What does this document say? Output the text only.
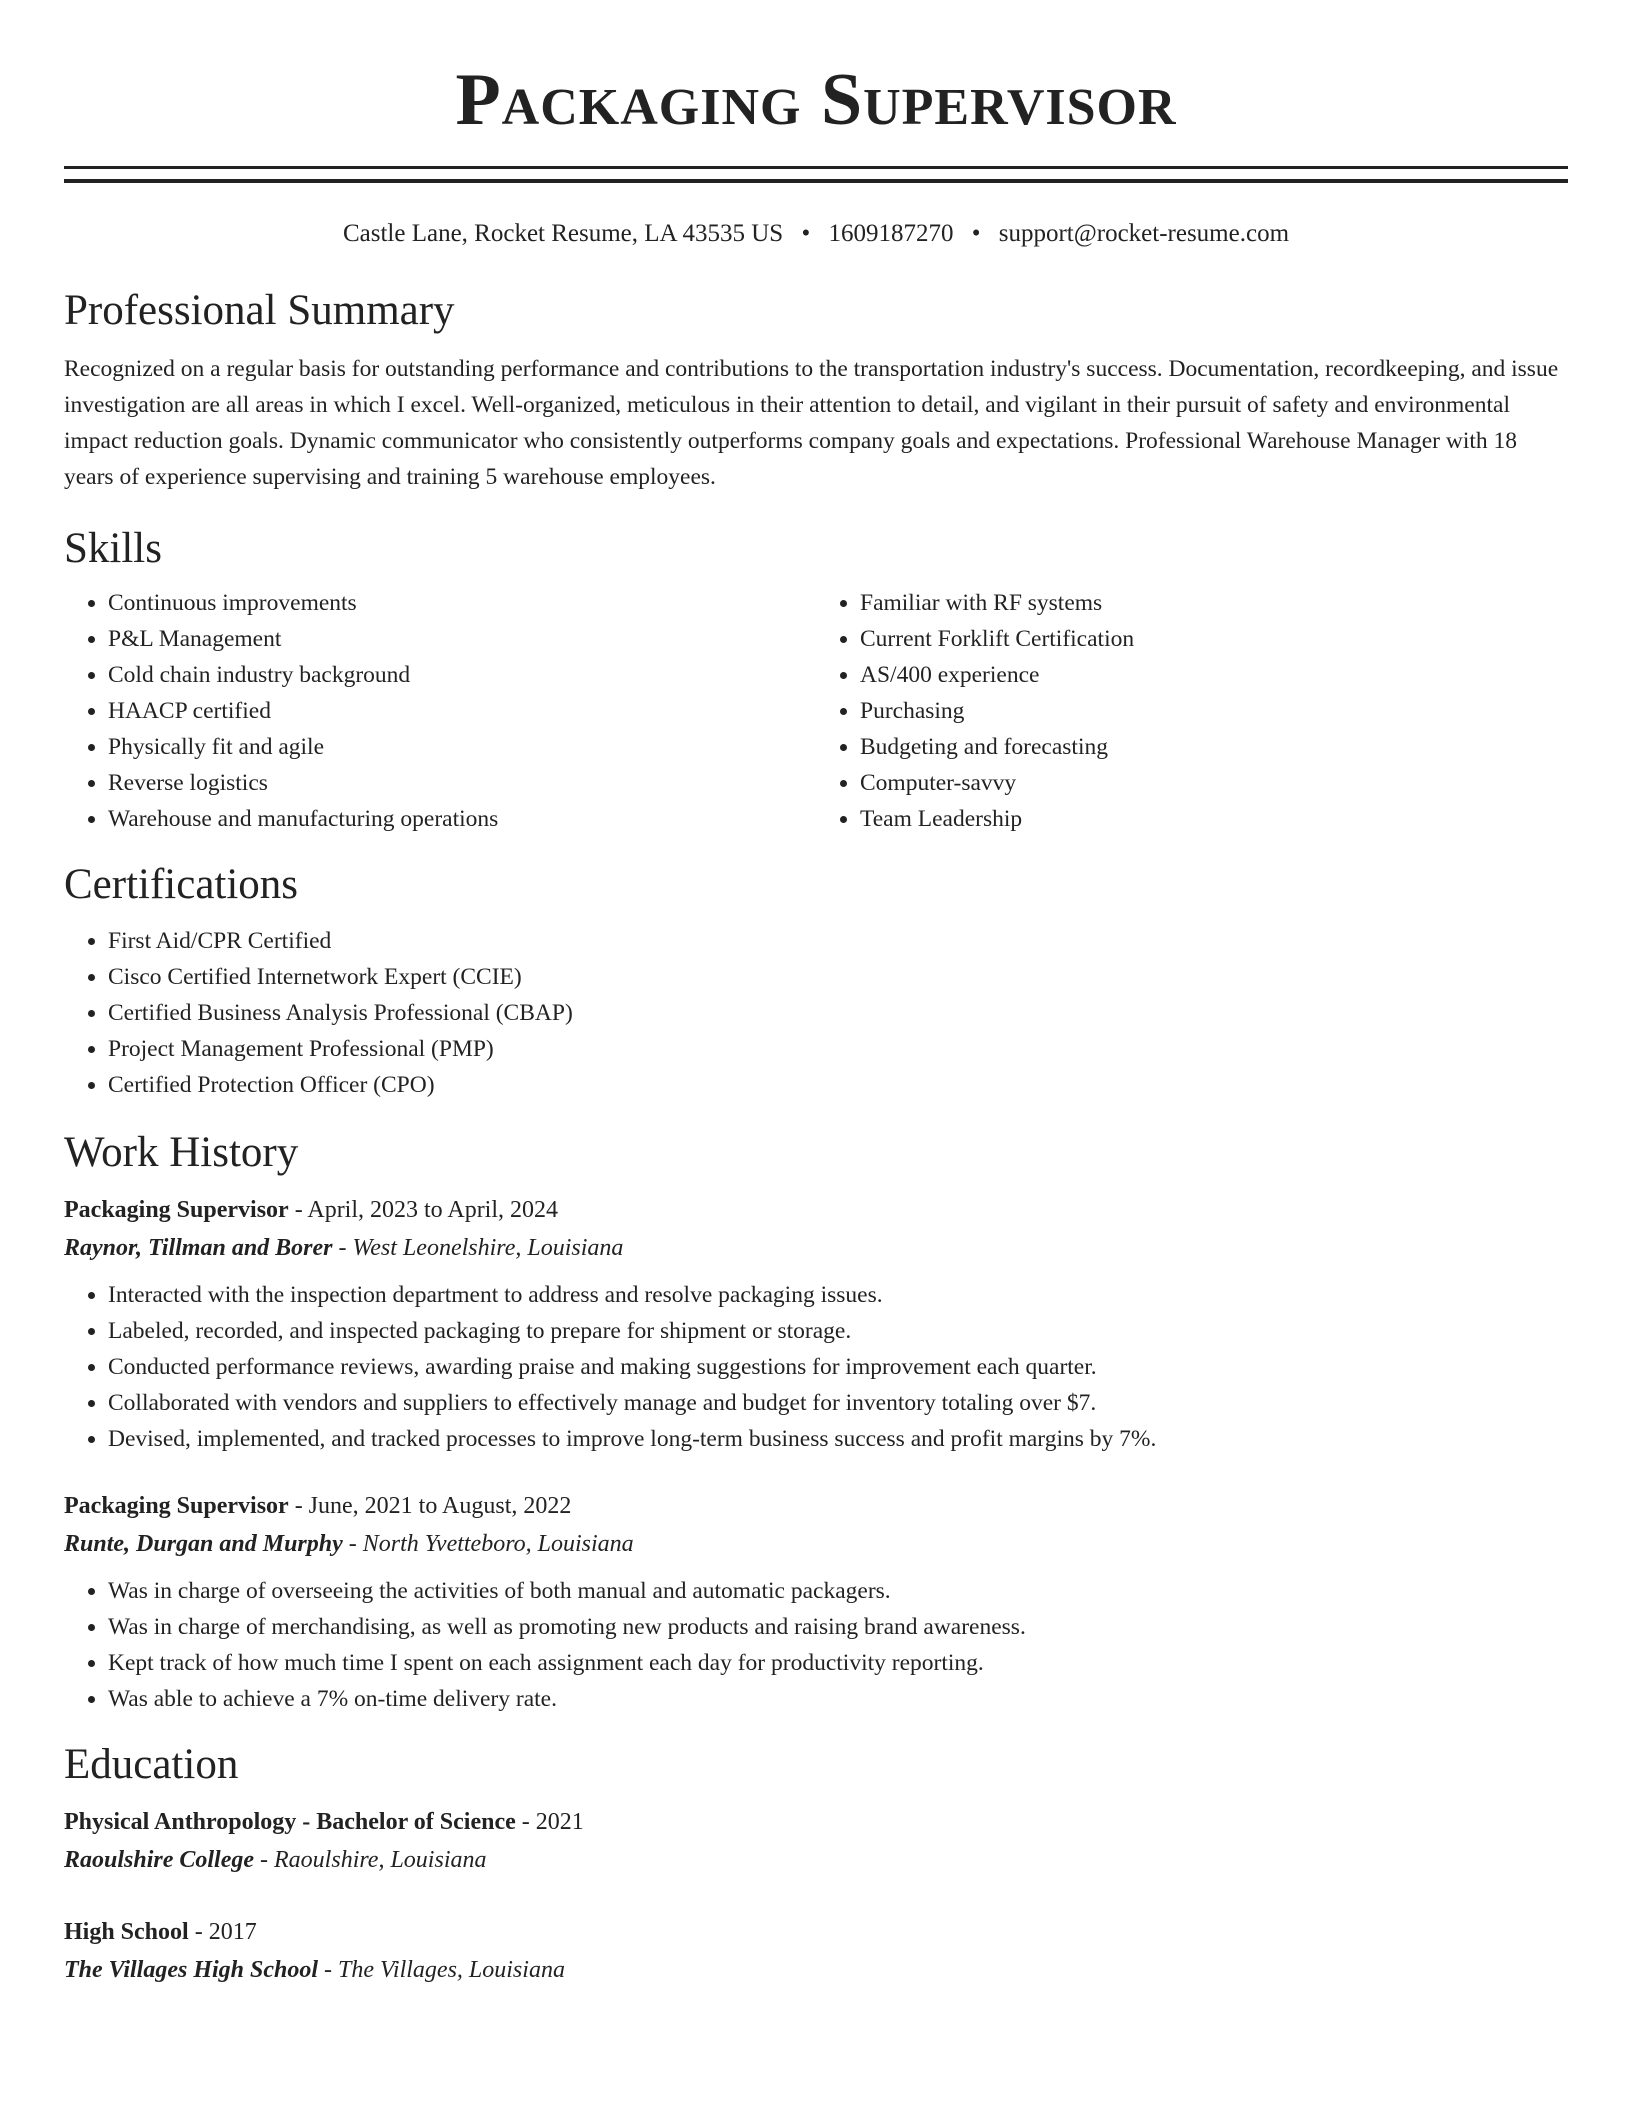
Packaging Supervisor
Castle Lane, Rocket Resume, LA 43535 US • 1609187270 • support@rocket-resume.com
Professional Summary

Recognized on a regular basis for outstanding performance and contributions to the transportation industry's success. Documentation, recordkeeping, and issue investigation are all areas in which I excel. Well-organized, meticulous in their attention to detail, and vigilant in their pursuit of safety and environmental impact reduction goals. Dynamic communicator who consistently outperforms company goals and expectations. Professional Warehouse Manager with 18 years of experience supervising and training 5 warehouse employees.

Skills
• Continuous improvements
• P&L Management
• Cold chain industry background
• HAACP certified
• Physically fit and agile
• Reverse logistics
• Warehouse and manufacturing operations
• Familiar with RF systems
• Current Forklift Certification
• AS/400 experience
• Purchasing
• Budgeting and forecasting
• Computer-savvy
• Team Leadership
Certifications
• First Aid/CPR Certified
• Cisco Certified Internetwork Expert (CCIE)
• Certified Business Analysis Professional (CBAP)
• Project Management Professional (PMP)
• Certified Protection Officer (CPO)
Work History
Packaging Supervisor - April, 2023 to April, 2024
Raynor, Tillman and Borer - West Leonelshire, Louisiana
• Interacted with the inspection department to address and resolve packaging issues.
• Labeled, recorded, and inspected packaging to prepare for shipment or storage.
• Conducted performance reviews, awarding praise and making suggestions for improvement each quarter.
• Collaborated with vendors and suppliers to effectively manage and budget for inventory totaling over $7.
• Devised, implemented, and tracked processes to improve long-term business success and profit margins by 7%.
Packaging Supervisor - June, 2021 to August, 2022
Runte, Durgan and Murphy - North Yvetteboro, Louisiana
• Was in charge of overseeing the activities of both manual and automatic packagers.
• Was in charge of merchandising, as well as promoting new products and raising brand awareness.
• Kept track of how much time I spent on each assignment each day for productivity reporting.
• Was able to achieve a 7% on-time delivery rate.
Education
Physical Anthropology - Bachelor of Science - 2021
Raoulshire College - Raoulshire, Louisiana
High School - 2017
The Villages High School - The Villages, Louisiana
